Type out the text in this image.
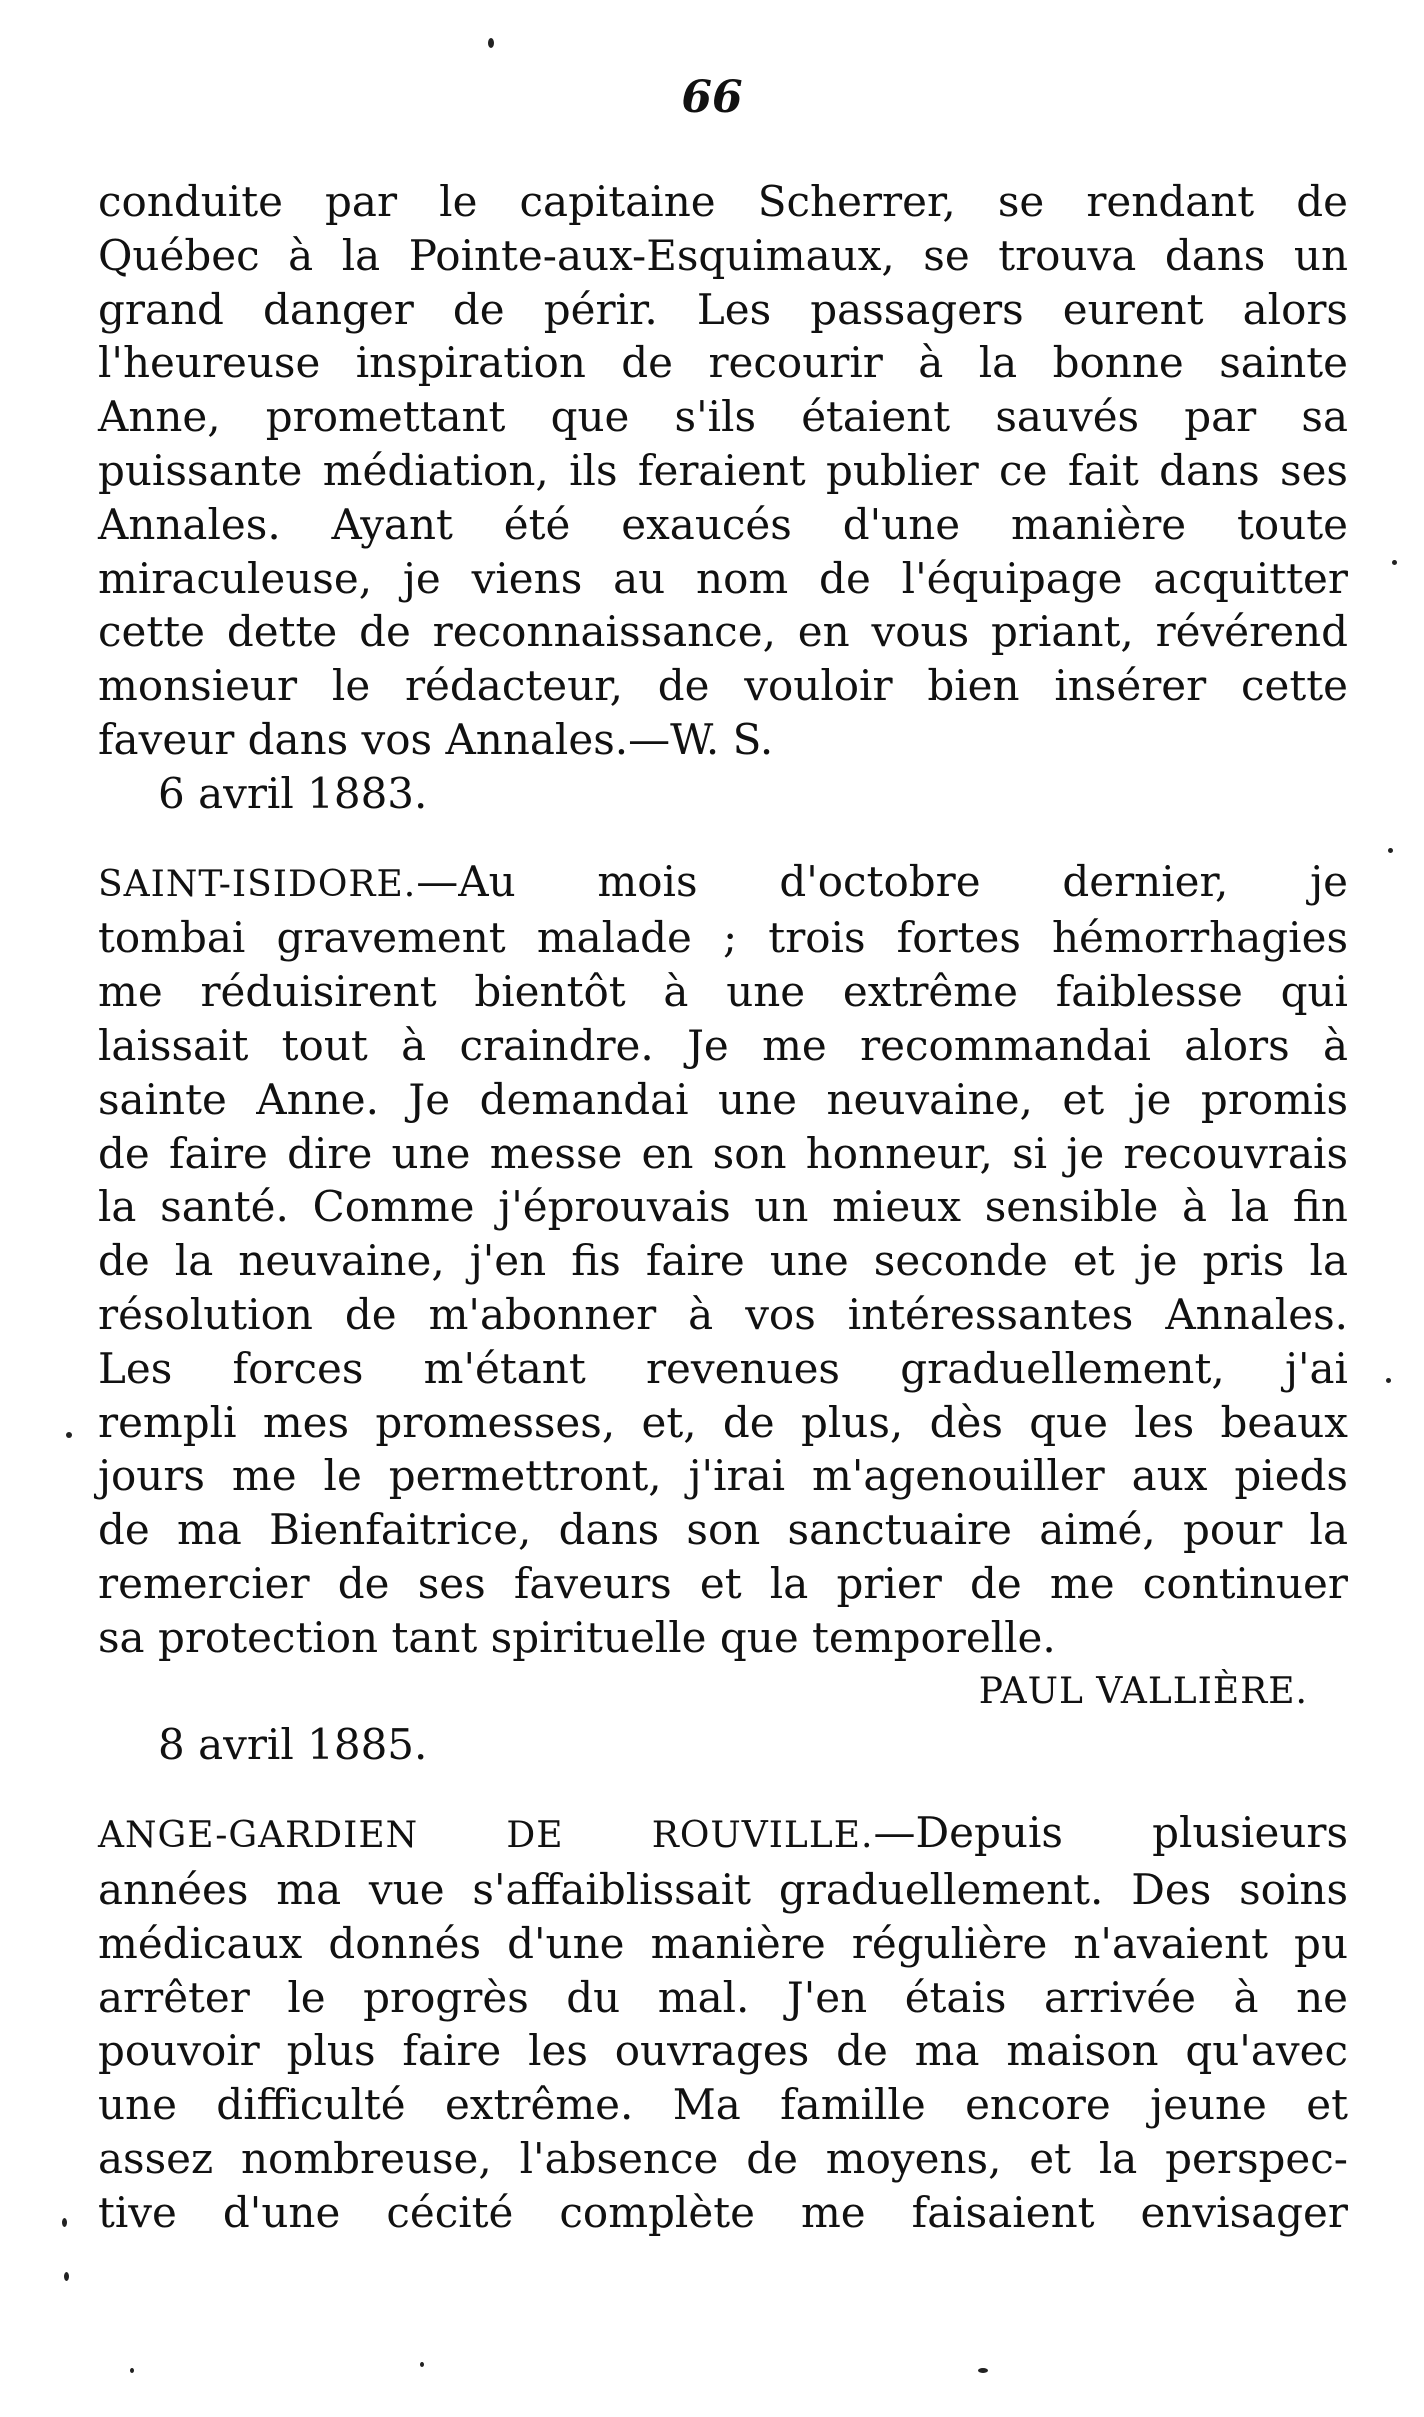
66
conduite par le capitaine Scherrer, se rendant de
Québec à la Pointe-aux-Esquimaux, se trouva dans un
grand danger de périr. Les passagers eurent alors
l'heureuse inspiration de recourir à la bonne sainte
Anne, promettant que s'ils étaient sauvés par sa
puissante médiation, ils feraient publier ce fait dans ses
Annales. Ayant été exaucés d'une manière toute
miraculeuse, je viens au nom de l'équipage acquitter
cette dette de reconnaissance, en vous priant, révérend
monsieur le rédacteur, de vouloir bien insérer cette
faveur dans vos Annales.—W. S.
6 avril 1883.
SAINT-ISIDORE.—Au mois d'octobre dernier, je
tombai gravement malade ; trois fortes hémorrhagies
me réduisirent bientôt à une extrême faiblesse qui
laissait tout à craindre. Je me recommandai alors à
sainte Anne. Je demandai une neuvaine, et je promis
de faire dire une messe en son honneur, si je recouvrais
la santé. Comme j'éprouvais un mieux sensible à la fin
de la neuvaine, j'en fis faire une seconde et je pris la
résolution de m'abonner à vos intéressantes Annales.
Les forces m'étant revenues graduellement, j'ai
rempli mes promesses, et, de plus, dès que les beaux
jours me le permettront, j'irai m'agenouiller aux pieds
de ma Bienfaitrice, dans son sanctuaire aimé, pour la
remercier de ses faveurs et la prier de me continuer
sa protection tant spirituelle que temporelle.
PAUL VALLIÈRE.
8 avril 1885.
ANGE-GARDIEN DE ROUVILLE.—Depuis plusieurs
années ma vue s'affaiblissait graduellement. Des soins
médicaux donnés d'une manière régulière n'avaient pu
arrêter le progrès du mal. J'en étais arrivée à ne
pouvoir plus faire les ouvrages de ma maison qu'avec
une difficulté extrême. Ma famille encore jeune et
assez nombreuse, l'absence de moyens, et la perspec-
tive d'une cécité complète me faisaient envisager
